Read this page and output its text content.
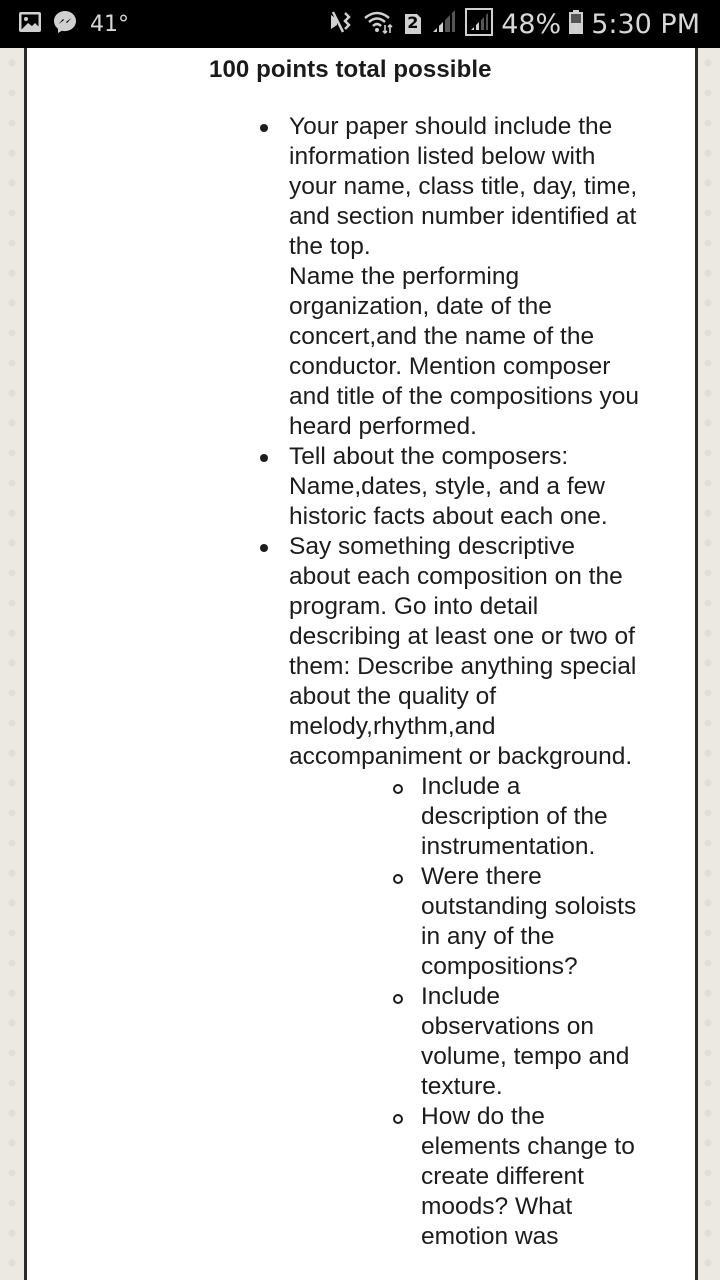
41°	2	48% 5:30 PM
100 points total possible
Your paper should include the information listed below with your name, class title, day, time, and section number identified at the top.
Name the performing organization, date of the concert,and the name of the conductor. Mention composer and title of the compositions you heard performed.
Tell about the composers: Name,dates, style, and a few historic facts about each one.
Say something descriptive about each composition on the program. Go into detail describing at least one or two of them: Describe anything special about the quality of melody,rhythm,and accompaniment or background.
Include a description of the instrumentation.
Were there outstanding soloists in any of the compositions?
Include observations on volume, tempo and texture.
How do the elements change to create different moods? What emotion was
